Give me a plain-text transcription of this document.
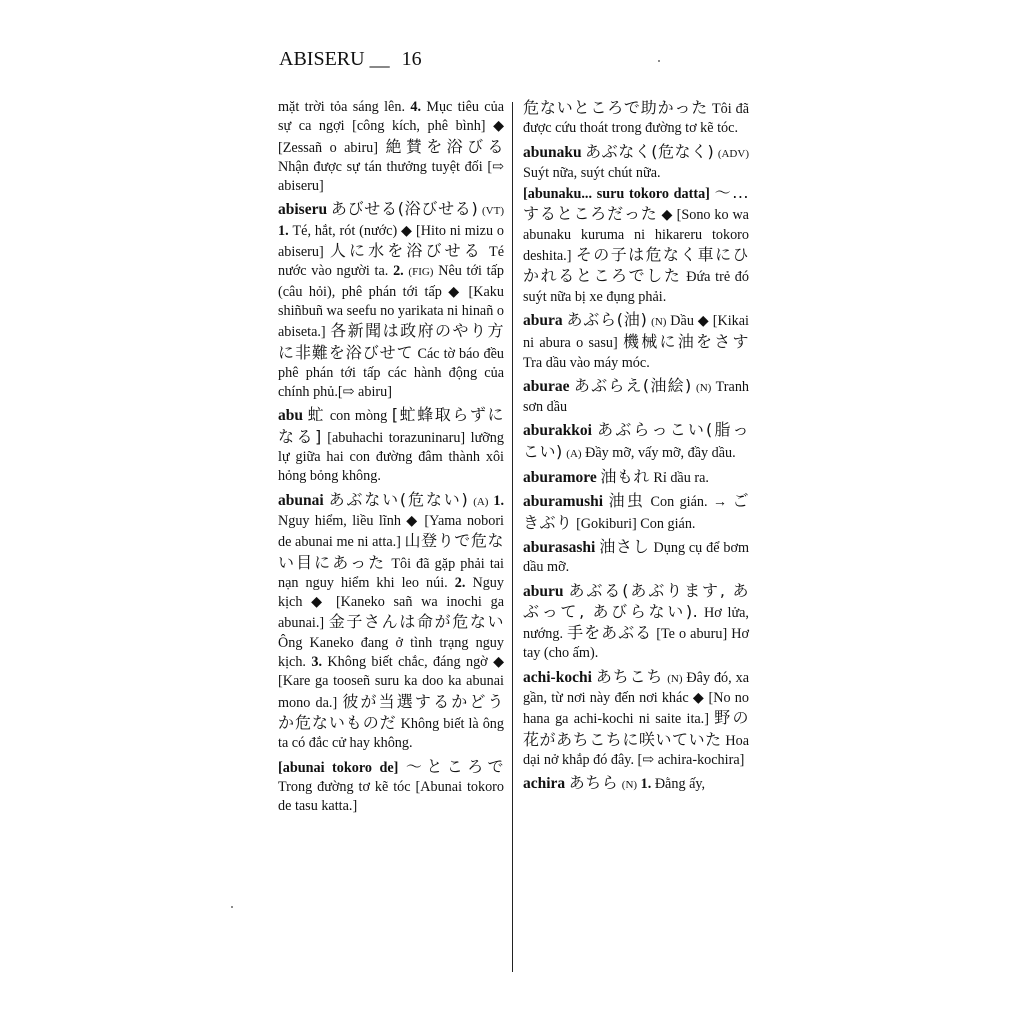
ABISERU __ 16
mặt trời tỏa sáng lên. 4. Mục tiêu của sự ca ngợi [công kích, phê bình] ◆ [Zessañ o abiru] 絶賛を浴びる Nhận được sự tán thưởng tuyệt đối [⇨ abiseru]
abiseru あびせる(浴びせる) (VT) 1. Té, hắt, rót (nước) ◆ [Hito ni mizu o abiseru] 人に水を浴びせる Té nước vào người ta. 2. (FIG) Nêu tới tấp (câu hỏi), phê phán tới tấp ◆ [Kaku shiñbuñ wa seefu no yarikata ni hinañ o abiseta.] 各新聞は政府のやり方に非難を浴びせて Các tờ báo đều phê phán tới tấp các hành động của chính phủ.[⇨ abiru]
abu 虻 con mòng [虻蜂取らずになる] [abuhachi torazuninaru] lưỡng lự giữa hai con đường đâm thành xôi hỏng bỏng không.
abunai あぶない(危ない) (A) 1. Nguy hiểm, liều lĩnh ◆ [Yama nobori de abunai me ni atta.] 山登りで危ない目にあった Tôi đã gặp phải tai nạn nguy hiểm khi leo núi. 2. Nguy kịch ◆ [Kaneko sañ wa inochi ga abunai.] 金子さんは命が危ない Ông Kaneko đang ở tình trạng nguy kịch. 3. Không biết chắc, đáng ngờ ◆ [Kare ga tooseñ suru ka doo ka abunai mono da.] 彼が当選するかどうか危ないものだ Không biết là ông ta có đắc cử hay không.
[abunai tokoro de] 〜ところで Trong đường tơ kẽ tóc [Abunai tokoro de tasu katta.]
危ないところで助かった Tôi đã được cứu thoát trong đường tơ kẽ tóc.
abunaku あぶなく(危なく) (ADV) Suýt nữa, suýt chút nữa.
[abunaku... suru tokoro datta] 〜...するところだった ◆ [Sono ko wa abunaku kuruma ni hikareru tokoro deshita.] その子は危なく車にひかれるところでした Đứa trẻ đó suýt nữa bị xe đụng phải.
abura あぶら(油) (N) Dầu ◆ [Kikai ni abura o sasu] 機械に油をさす Tra dầu vào máy móc.
aburae あぶらえ(油絵) (N) Tranh sơn dầu
aburakkoi あぶらっこい(脂っこい) (A) Đầy mỡ, vấy mỡ, đầy dầu.
aburamore 油もれ Rỉ dầu ra.
aburamushi 油虫 Con gián. → ごきぶり [Gokiburi] Con gián.
aburasashi 油さし Dụng cụ để bơm dầu mỡ.
aburu あぶる(あぶります, あぶって, あびらない). Hơ lửa, nướng. 手をあぶる [Te o aburu] Hơ tay (cho ấm).
achi-kochi あちこち (N) Đây đó, xa gần, từ nơi này đến nơi khác ◆ [No no hana ga achi-kochi ni saite ita.] 野の花があちこちに咲いていた Hoa dại nở khắp đó đây. [⇨ achira-kochira]
achira あちら (N) 1. Đằng ấy,
